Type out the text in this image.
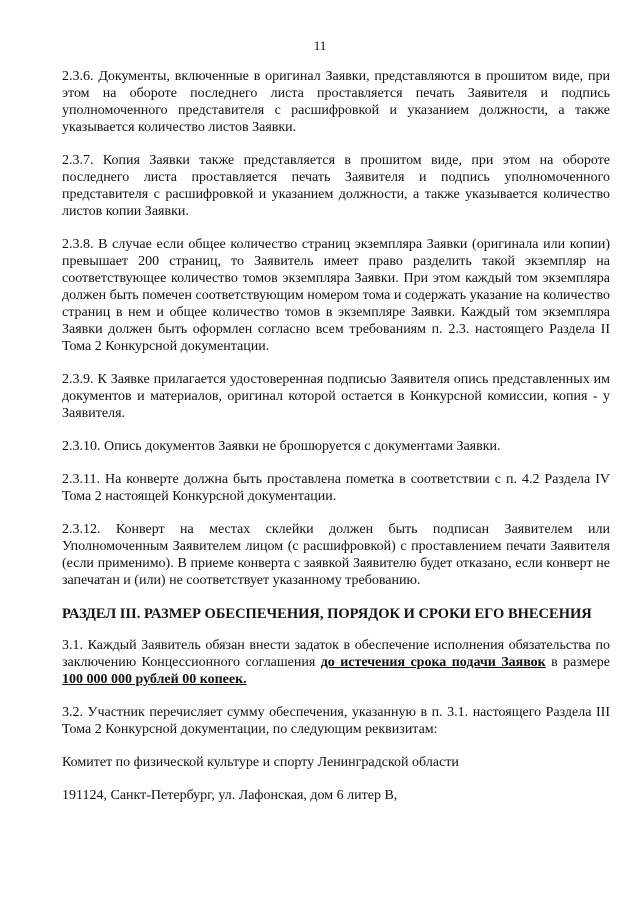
11

2.3.6. Документы, включенные в оригинал Заявки, представляются в прошитом виде, при этом на обороте последнего листа проставляется печать Заявителя и подпись уполномоченного представителя с расшифровкой и указанием должности, а также указывается количество листов Заявки.

2.3.7. Копия Заявки также представляется в прошитом виде, при этом на обороте последнего листа проставляется печать Заявителя и подпись уполномоченного представителя с расшифровкой и указанием должности, а также указывается количество листов копии Заявки.

2.3.8. В случае если общее количество страниц экземпляра Заявки (оригинала или копии) превышает 200 страниц, то Заявитель имеет право разделить такой экземпляр на соответствующее количество томов экземпляра Заявки. При этом каждый том экземпляра должен быть помечен соответствующим номером тома и содержать указание на количество страниц в нем и общее количество томов в экземпляре Заявки. Каждый том экземпляра Заявки должен быть оформлен согласно всем требованиям п. 2.3. настоящего Раздела II Тома 2 Конкурсной документации.

2.3.9. К Заявке прилагается удостоверенная подписью Заявителя опись представленных им документов и материалов, оригинал которой остается в Конкурсной комиссии, копия - у Заявителя.

2.3.10. Опись документов Заявки не брошюруется с документами Заявки.

2.3.11. На конверте должна быть проставлена пометка в соответствии с п. 4.2 Раздела IV Тома 2 настоящей Конкурсной документации.

2.3.12. Конверт на местах склейки должен быть подписан Заявителем или Уполномоченным Заявителем лицом (с расшифровкой) с проставлением печати Заявителя (если применимо). В приеме конверта с заявкой Заявителю будет отказано, если конверт не запечатан и (или) не соответствует указанному требованию.

РАЗДЕЛ III. РАЗМЕР ОБЕСПЕЧЕНИЯ, ПОРЯДОК И СРОКИ ЕГО ВНЕСЕНИЯ

3.1. Каждый Заявитель обязан внести задаток в обеспечение исполнения обязательства по заключению Концессионного соглашения до истечения срока подачи Заявок в размере 100 000 000 рублей 00 копеек.

3.2. Участник перечисляет сумму обеспечения, указанную в п. 3.1. настоящего Раздела III Тома 2 Конкурсной документации, по следующим реквизитам:

Комитет по физической культуре и спорту Ленинградской области

191124, Санкт-Петербург, ул. Лафонская, дом 6 литер В,
